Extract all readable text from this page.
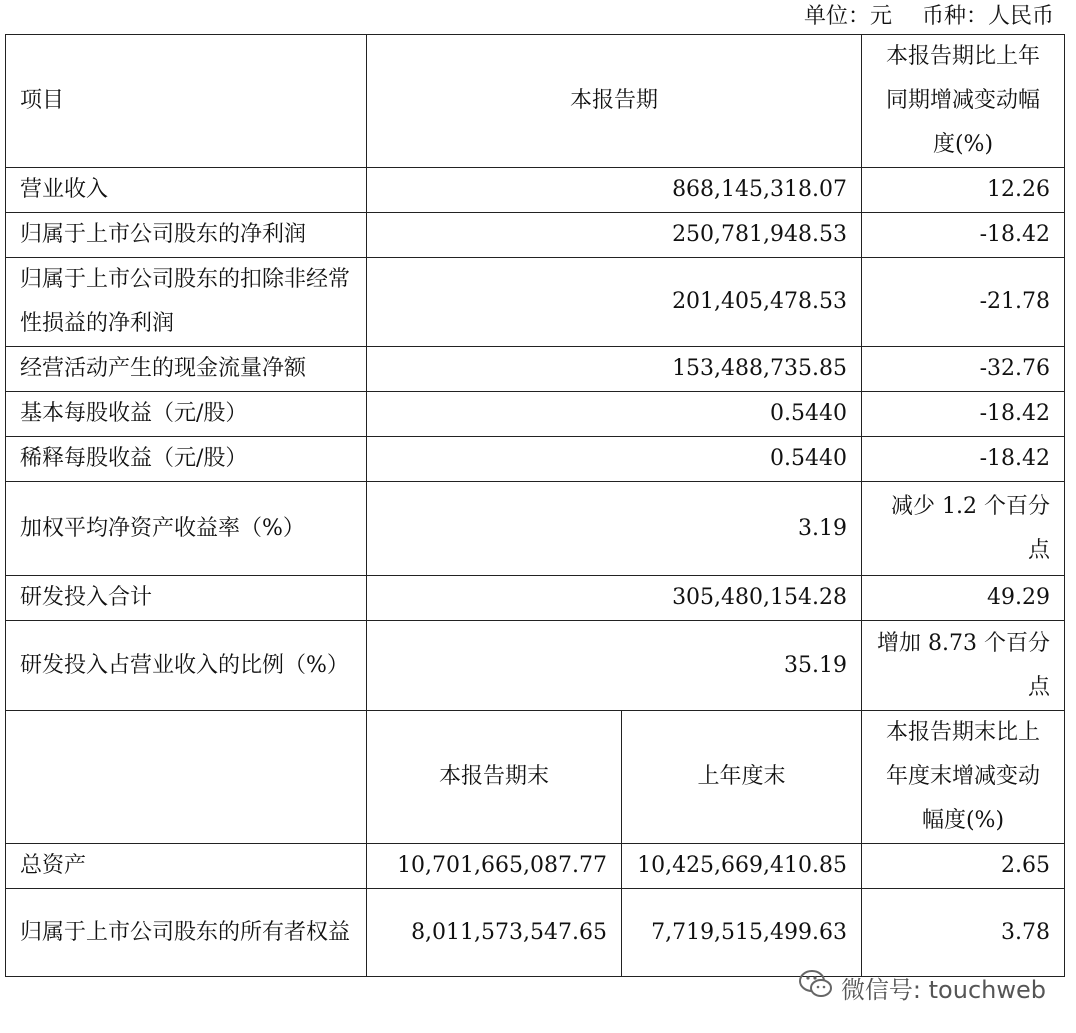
单位：元 币种：人民币
项目	本报告期		本报告期比上年同期增减变动幅度(%)
营业收入	868,145,318.07		12.26
归属于上市公司股东的净利润	250,781,948.53		-18.42
归属于上市公司股东的扣除非经常性损益的净利润	201,405,478.53		-21.78
经营活动产生的现金流量净额	153,488,735.85		-32.76
基本每股收益（元/股）	0.5440		-18.42
稀释每股收益（元/股）	0.5440		-18.42
加权平均净资产收益率（%）	3.19		减少 1.2 个百分点
研发投入合计	305,480,154.28		49.29
研发投入占营业收入的比例（%）	35.19		增加 8.73 个百分点
	本报告期末	上年度末	本报告期末比上年度末增减变动幅度(%)
总资产	10,701,665,087.77	10,425,669,410.85	2.65
归属于上市公司股东的所有者权益	8,011,573,547.65	7,719,515,499.63	3.78
微信号: touchweb
